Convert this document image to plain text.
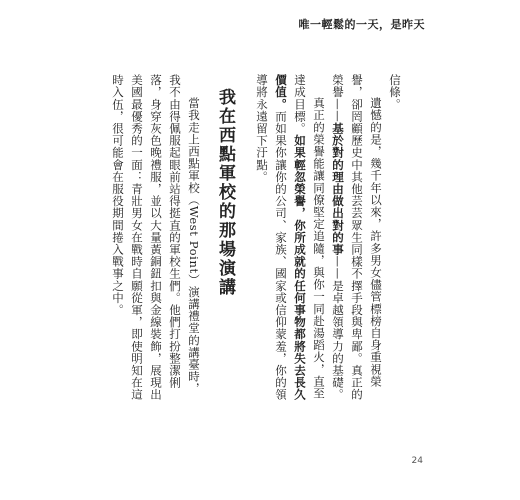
唯一輕鬆的一天，是昨天

信條。

遺憾的是，幾千年以來，許多男女儘管標榜自身重視榮譽，卻罔顧歷史中其他芸芸眾生同樣不擇手段與卑鄙。真正的榮譽——基於對的理由做出對的事——是卓越領導力的基礎。

真正的榮譽能讓同僚堅定追隨，與你一同赴湯蹈火，直至達成目標。如果輕忽榮譽，你所成就的任何事物都將失去長久價值。而如果你讓你的公司、家族、國家或信仰蒙羞，你的領導將永遠留下汙點。

我在西點軍校的那場演講

當我走上西點軍校（West Point）演講禮堂的講臺時，我不由得佩服起眼前站得挺直的軍校生們。他們打扮整潔俐落，身穿灰色晚禮服，並以大量黃銅鈕扣與金線裝飾，展現出美國最優秀的一面：青壯男女在戰時自願從軍，即使明知在這時入伍，很可能會在服役期間捲入戰事之中。

24
